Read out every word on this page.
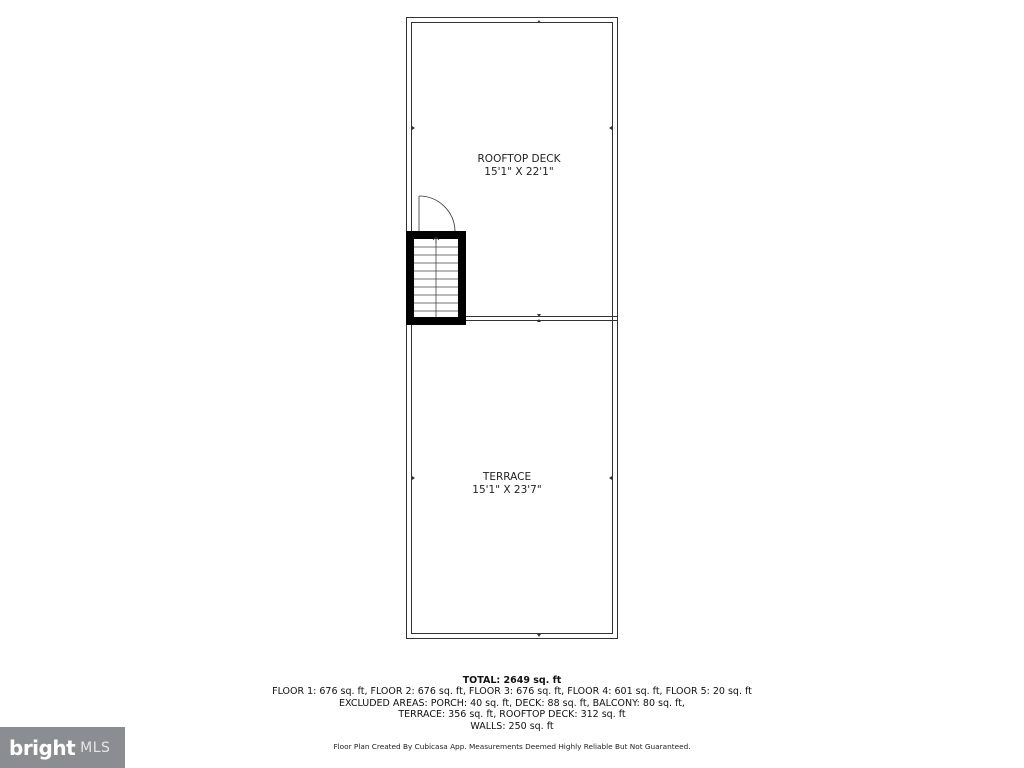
ROOFTOP DECK
15'1" X 22'1"
TERRACE
15'1" X 23'7"
TOTAL: 2649 sq. ft
FLOOR 1: 676 sq. ft, FLOOR 2: 676 sq. ft, FLOOR 3: 676 sq. ft, FLOOR 4: 601 sq. ft, FLOOR 5: 20 sq. ft
EXCLUDED AREAS: PORCH: 40 sq. ft, DECK: 88 sq. ft, BALCONY: 80 sq. ft,
TERRACE: 356 sq. ft, ROOFTOP DECK: 312 sq. ft
WALLS: 250 sq. ft
Floor Plan Created By Cubicasa App. Measurements Deemed Highly Reliable But Not Guaranteed.
bright MLS
